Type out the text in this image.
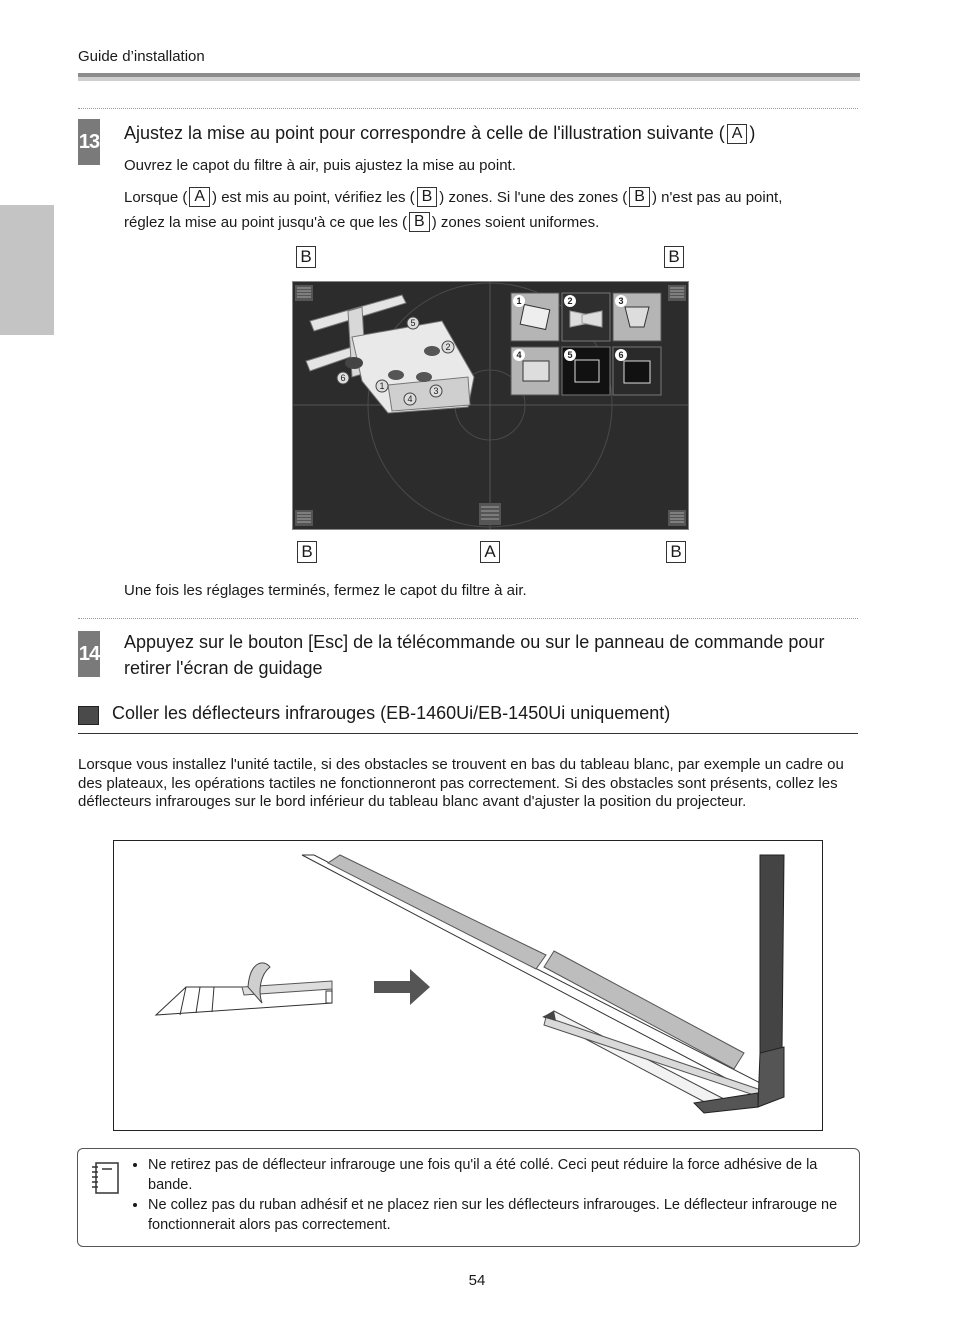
Guide d’installation
13 Ajustez la mise au point pour correspondre à celle de l'illustration suivante ( A )
Ouvrez le capot du filtre à air, puis ajustez la mise au point.
Lorsque ( A ) est mis au point, vérifiez les ( B ) zones. Si l'une des zones ( B ) n'est pas au point,
réglez la mise au point jusqu'à ce que les ( B ) zones soient uniformes.
B	B
B	A	B
1
2
3
4
5
6
1	2	3
4	5	6
Une fois les réglages terminés, fermez le capot du filtre à air.
14
Appuyez sur le bouton [Esc] de la télécommande ou sur le panneau de commande pour
retirer l'écran de guidage
Coller les déflecteurs infrarouges (EB-1460Ui/EB-1450Ui uniquement)
Lorsque vous installez l'unité tactile, si des obstacles se trouvent en bas du tableau blanc, par exemple un cadre ou des plateaux, les opérations tactiles ne fonctionneront pas correctement. Si des obstacles sont présents, collez les déflecteurs infrarouges sur le bord inférieur du tableau blanc avant d'ajuster la position du projecteur.
• Ne retirez pas de déflecteur infrarouge une fois qu'il a été collé. Ceci peut réduire la force adhésive de la bande.
• Ne collez pas du ruban adhésif et ne placez rien sur les déflecteurs infrarouges. Le déflecteur infrarouge ne fonctionnerait alors pas correctement.
54
